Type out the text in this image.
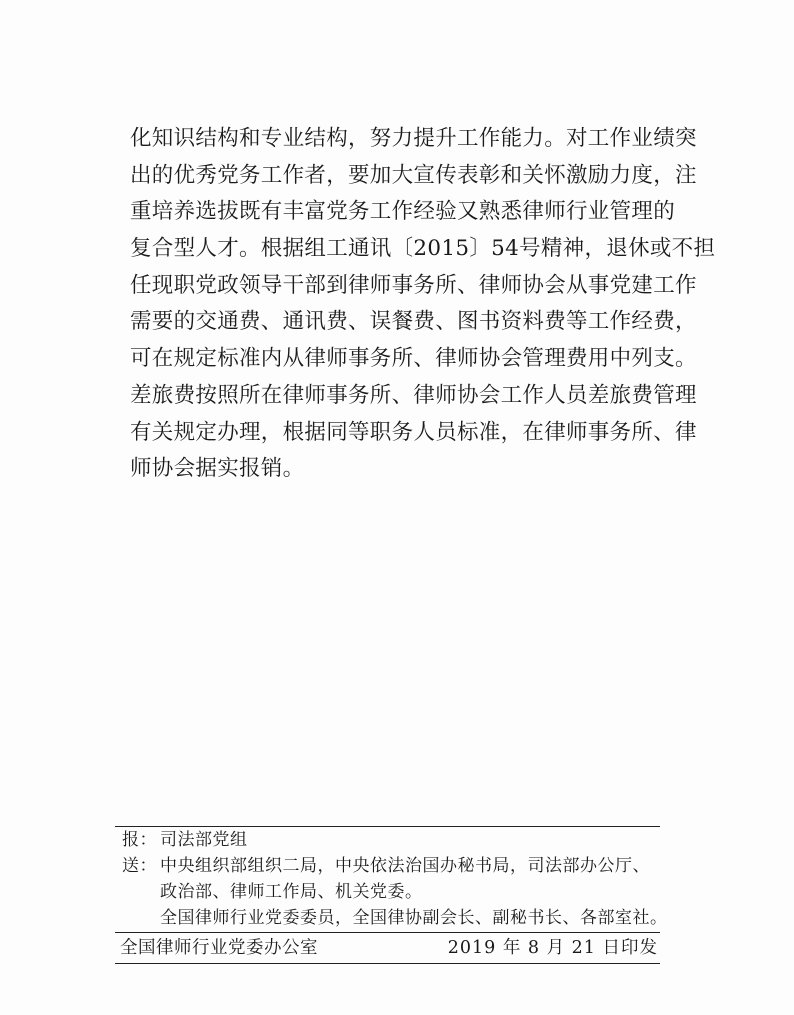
化知识结构和专业结构，努力提升工作能力。对工作业绩突
出的优秀党务工作者，要加大宣传表彰和关怀激励力度，注
重培养选拔既有丰富党务工作经验又熟悉律师行业管理的
复合型人才。根据组工通讯〔2015〕54号精神，退休或不担
任现职党政领导干部到律师事务所、律师协会从事党建工作
需要的交通费、通讯费、误餐费、图书资料费等工作经费，
可在规定标准内从律师事务所、律师协会管理费用中列支。
差旅费按照所在律师事务所、律师协会工作人员差旅费管理
有关规定办理，根据同等职务人员标准，在律师事务所、律
师协会据实报销。
报： 司法部党组
送： 中央组织部组织二局，中央依法治国办秘书局，司法部办公厅、
政治部、律师工作局、机关党委。
全国律师行业党委委员，全国律协副会长、副秘书长、各部室社。
全国律师行业党委办公室	2019 年 8 月 21 日印发
